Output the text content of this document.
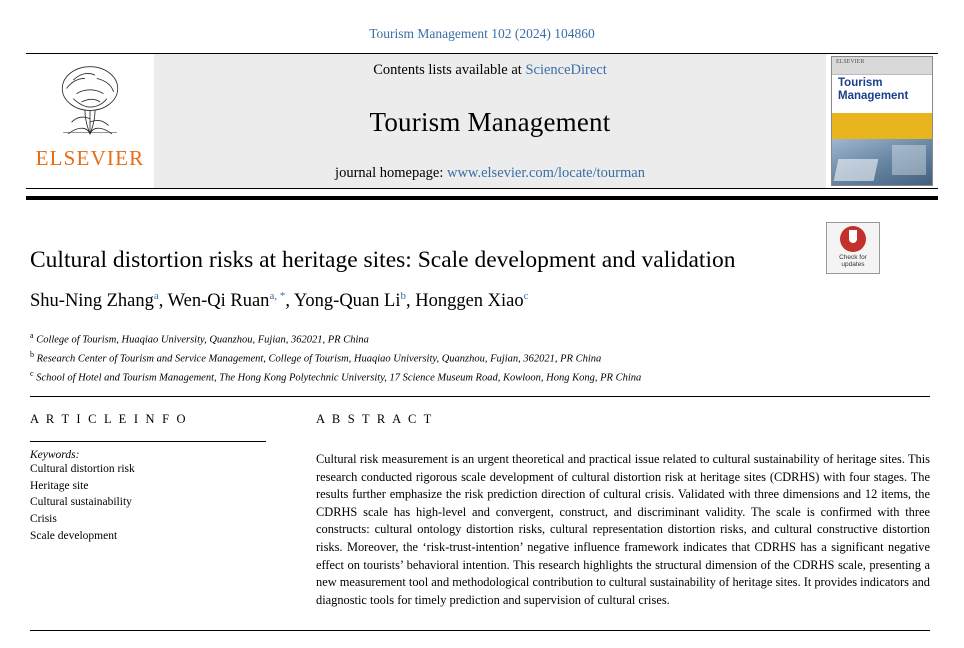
Tourism Management 102 (2024) 104860
ELSEVIER
Contents lists available at ScienceDirect
Tourism Management
journal homepage: www.elsevier.com/locate/tourman
ELSEVIER
Tourism Management
Check for
updates
Cultural distortion risks at heritage sites: Scale development and validation
Shu-Ning Zhang$^a$, Wen-Qi Ruan$^{a, *}$, Yong-Quan Li$^b$, Honggen Xiao$^c$
$^a$ College of Tourism, Huaqiao University, Quanzhou, Fujian, 362021, PR China
$^b$ Research Center of Tourism and Service Management, College of Tourism, Huaqiao University, Quanzhou, Fujian, 362021, PR China
$^c$ School of Hotel and Tourism Management, The Hong Kong Polytechnic University, 17 Science Museum Road, Kowloon, Hong Kong, PR China
A R T I C L E I N F O
Keywords:
Cultural distortion risk
Heritage site
Cultural sustainability
Crisis
Scale development
A B S T R A C T
Cultural risk measurement is an urgent theoretical and practical issue related to cultural sustainability of heritage sites. This research conducted rigorous scale development of cultural distortion risk at heritage sites (CDRHS) with four stages. The results further emphasize the risk prediction direction of cultural crisis. Validated with three dimensions and 12 items, the CDRHS scale has high-level and convergent, construct, and discriminant validity. The scale is confirmed with three constructs: cultural ontology distortion risks, cultural representation distortion risks, and cultural constructive distortion risks. Moreover, the ‘risk-trust-intention’ negative influence framework indicates that CDRHS has a significant negative effect on tourists’ behavioral intention. This research highlights the structural dimension of the CDRHS scale, presenting a new measurement tool and methodological contribution to cultural sustainability of heritage sites. It provides indicators and diagnostic tools for timely prediction and supervision of cultural crises.
